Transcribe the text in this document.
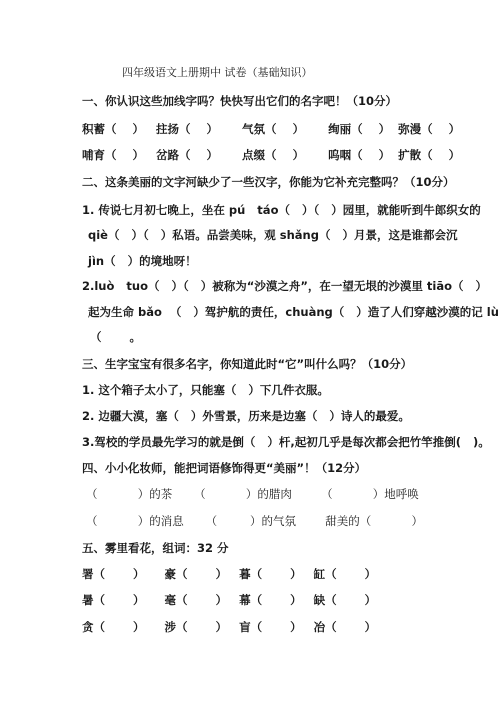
四年级语文上册期中 试卷（基础知识）
一、你认识这些加线字吗？快快写出它们的名字吧！（10分）
积蓄（    ）   拄扬（    ）      气氛（    ）      绚丽（    ）  弥漫（    ）
哺育（    ）   岔路（    ）      点缀（    ）      呜咽（    ）  扩散（    ）
二、这条美丽的文字河缺少了一些汉字，你能为它补充完整吗？（10分）
1. 传说七月初七晚上，坐在 pú   táo（   ）（   ）园里，就能听到牛郎织女的
qiè（   ）（   ）私语。品尝美味，观 shǎng（   ）月景，这是谁都会沉
jìn（   ）的境地呀！
2.luò   tuo（   ）（   ）被称为“沙漠之舟”，在一望无垠的沙漠里 tiāo（   ）
起为生命 bǎo  （   ）驾护航的责任，chuàng（   ）造了人们穿越沙漠的记 lù
（       。
三、生字宝宝有很多名字，你知道此时“它”叫什么吗？（10分）
1. 这个箱子太小了，只能塞（   ）下几件衣服。
2. 边疆大漠，塞（   ）外雪景，历来是边塞（   ）诗人的最爱。
3.驾校的学员最先学习的就是倒（   ）杆,起初几乎是每次都会把竹竿推倒(   )。
四、小小化妆师，能把词语修饰得更“美丽”！（12分）
（           ）的茶      （           ）的腊肉        （           ）地呼唤
（           ）的消息      （         ）的气氛        甜美的（           ）
五、雾里看花，组词：32 分
署（       ）     豪（       ）   暮（       ）   缸（       ）
暑（       ）     毫（       ）   幕（       ）   缺（       ）
贪（       ）     涉（       ）   盲（       ）   冶（       ）
